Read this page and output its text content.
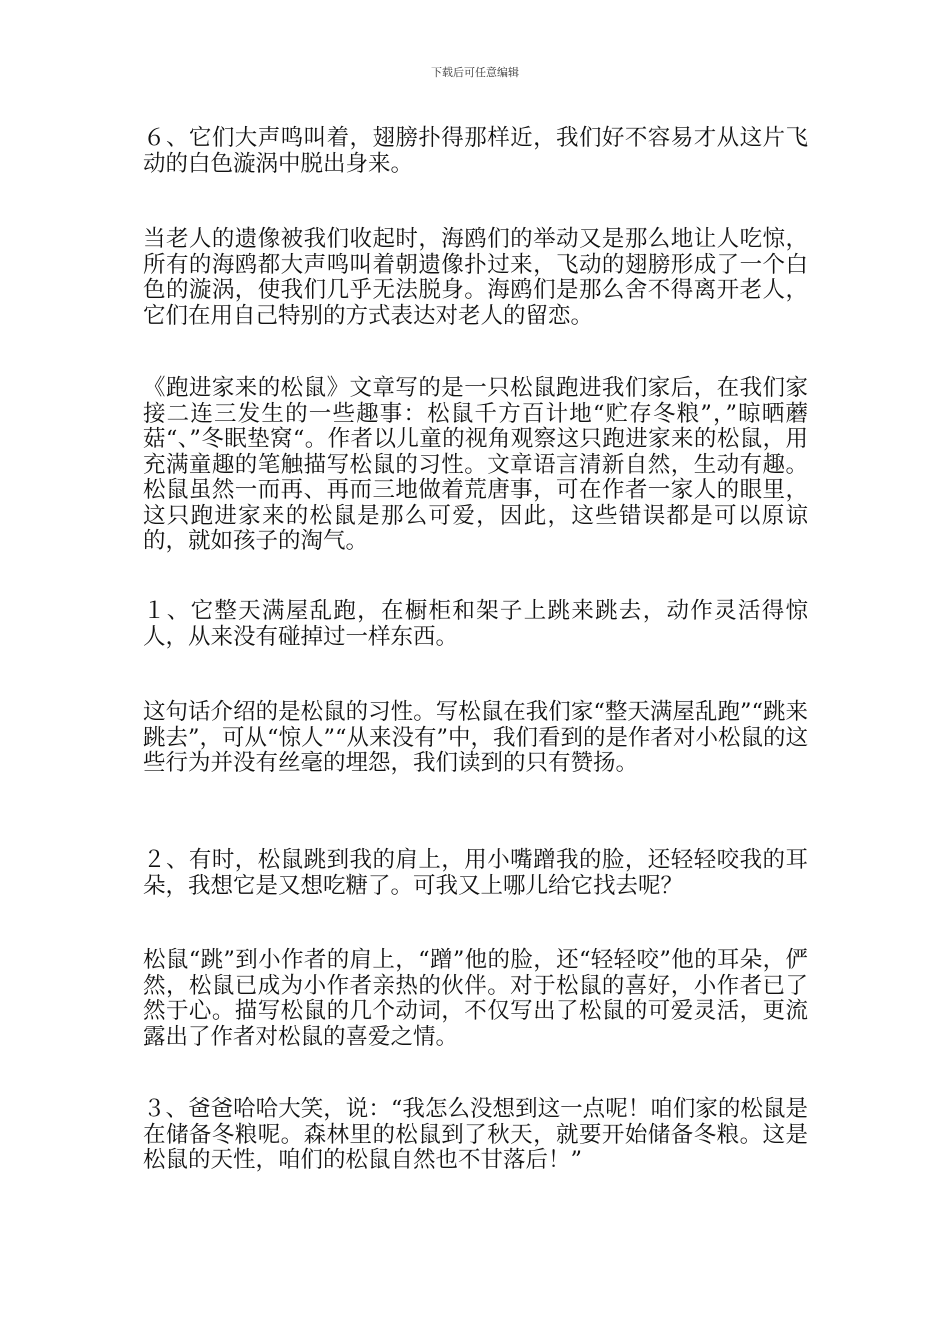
下载后可任意编辑

６、它们大声鸣叫着，翅膀扑得那样近，我们好不容易才从这片飞动的白色漩涡中脱出身来。

当老人的遗像被我们收起时，海鸥们的举动又是那么地让人吃惊，所有的海鸥都大声鸣叫着朝遗像扑过来，飞动的翅膀形成了一个白色的漩涡，使我们几乎无法脱身。海鸥们是那么舍不得离开老人，它们在用自己特别的方式表达对老人的留恋。

《跑进家来的松鼠》文章写的是一只松鼠跑进我们家后，在我们家接二连三发生的一些趣事：松鼠千方百计地“贮存冬粮”，”晾晒蘑菇“、”冬眠垫窝“。作者以儿童的视角观察这只跑进家来的松鼠，用充满童趣的笔触描写松鼠的习性。文章语言清新自然，生动有趣。松鼠虽然一而再、再而三地做着荒唐事，可在作者一家人的眼里，这只跑进家来的松鼠是那么可爱，因此，这些错误都是可以原谅的，就如孩子的淘气。

１、它整天满屋乱跑，在橱柜和架子上跳来跳去，动作灵活得惊人，从来没有碰掉过一样东西。

这句话介绍的是松鼠的习性。写松鼠在我们家“整天满屋乱跑”“跳来跳去”，可从“惊人”“从来没有”中，我们看到的是作者对小松鼠的这些行为并没有丝毫的埋怨，我们读到的只有赞扬。

２、有时，松鼠跳到我的肩上，用小嘴蹭我的脸，还轻轻咬我的耳朵，我想它是又想吃糖了。可我又上哪儿给它找去呢？

松鼠“跳”到小作者的肩上，“蹭”他的脸，还“轻轻咬”他的耳朵，俨然，松鼠已成为小作者亲热的伙伴。对于松鼠的喜好，小作者已了然于心。描写松鼠的几个动词，不仅写出了松鼠的可爱灵活，更流露出了作者对松鼠的喜爱之情。

３、爸爸哈哈大笑，说：“我怎么没想到这一点呢！咱们家的松鼠是在储备冬粮呢。森林里的松鼠到了秋天，就要开始储备冬粮。这是松鼠的天性，咱们的松鼠自然也不甘落后！”
